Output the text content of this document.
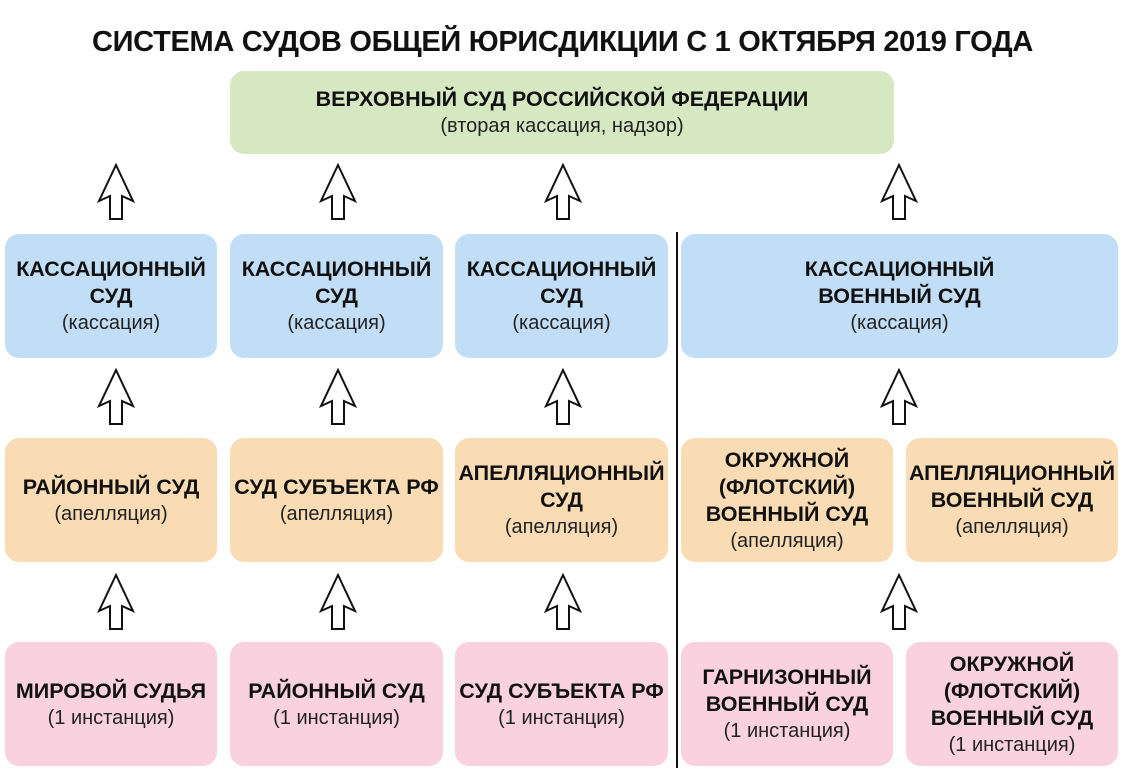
СИСТЕМА СУДОВ ОБЩЕЙ ЮРИСДИКЦИИ С 1 ОКТЯБРЯ 2019 ГОДА
ВЕРХОВНЫЙ СУД РОССИЙСКОЙ ФЕДЕРАЦИИ
(вторая кассация, надзор)
КАССАЦИОННЫЙ
СУД
(кассация)
КАССАЦИОННЫЙ
СУД
(кассация)
КАССАЦИОННЫЙ
СУД
(кассация)
КАССАЦИОННЫЙ
ВОЕННЫЙ СУД
(кассация)
РАЙОННЫЙ СУД
(апелляция)
СУД СУБЪЕКТА РФ
(апелляция)
АПЕЛЛЯЦИОННЫЙ
СУД
(апелляция)
ОКРУЖНОЙ
(ФЛОТСКИЙ)
ВОЕННЫЙ СУД
(апелляция)
АПЕЛЛЯЦИОННЫЙ
ВОЕННЫЙ СУД
(апелляция)
МИРОВОЙ СУДЬЯ
(1 инстанция)
РАЙОННЫЙ СУД
(1 инстанция)
СУД СУБЪЕКТА РФ
(1 инстанция)
ГАРНИЗОННЫЙ
ВОЕННЫЙ СУД
(1 инстанция)
ОКРУЖНОЙ
(ФЛОТСКИЙ)
ВОЕННЫЙ СУД
(1 инстанция)
